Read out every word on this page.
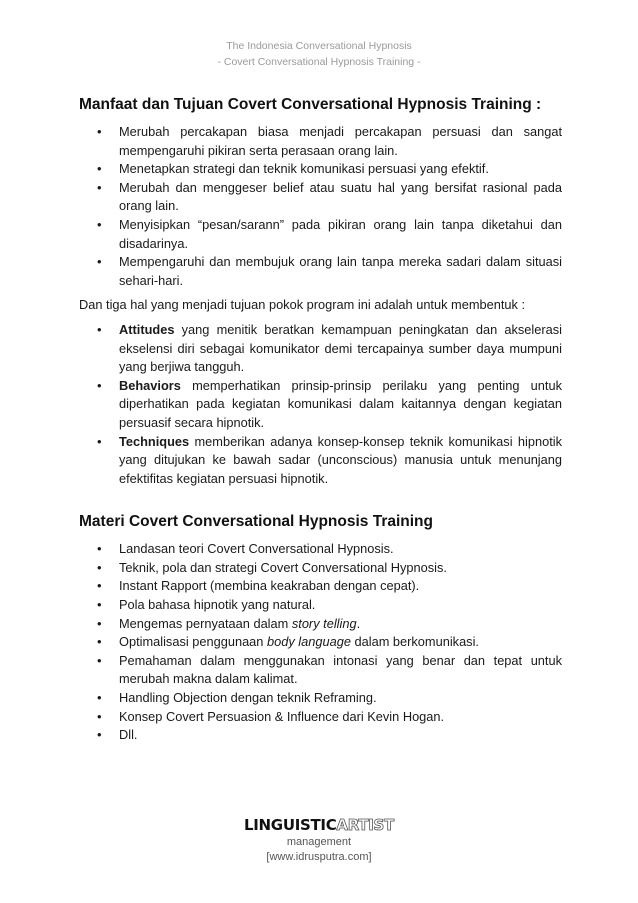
The Indonesia Conversational Hypnosis
- Covert Conversational Hypnosis Training -
Manfaat dan Tujuan Covert Conversational Hypnosis Training :
• Merubah percakapan biasa menjadi percakapan persuasi dan sangat mempengaruhi pikiran serta perasaan orang lain.
• Menetapkan strategi dan teknik komunikasi persuasi yang efektif.
• Merubah dan menggeser belief atau suatu hal yang bersifat rasional pada orang lain.
• Menyisipkan “pesan/sarann” pada pikiran orang lain tanpa diketahui dan disadarinya.
• Mempengaruhi dan membujuk orang lain tanpa mereka sadari dalam situasi sehari-hari.

Dan tiga hal yang menjadi tujuan pokok program ini adalah untuk membentuk :

• Attitudes yang menitik beratkan kemampuan peningkatan dan akselerasi ekselensi diri sebagai komunikator demi tercapainya sumber daya mumpuni yang berjiwa tangguh.
• Behaviors memperhatikan prinsip-prinsip perilaku yang penting untuk diperhatikan pada kegiatan komunikasi dalam kaitannya dengan kegiatan persuasif secara hipnotik.
• Techniques memberikan adanya konsep-konsep teknik komunikasi hipnotik yang ditujukan ke bawah sadar (unconscious) manusia untuk menunjang efektifitas kegiatan persuasi hipnotik.
Materi Covert Conversational Hypnosis Training
• Landasan teori Covert Conversational Hypnosis.
• Teknik, pola dan strategi Covert Conversational Hypnosis.
• Instant Rapport (membina keakraban dengan cepat).
• Pola bahasa hipnotik yang natural.
• Mengemas pernyataan dalam story telling.
• Optimalisasi penggunaan body language dalam berkomunikasi.
• Pemahaman dalam menggunakan intonasi yang benar dan tepat untuk merubah makna dalam kalimat.
• Handling Objection dengan teknik Reframing.
• Konsep Covert Persuasion & Influence dari Kevin Hogan.
• Dll.
LINGUISTICARTIST
management
[www.idrusputra.com]
